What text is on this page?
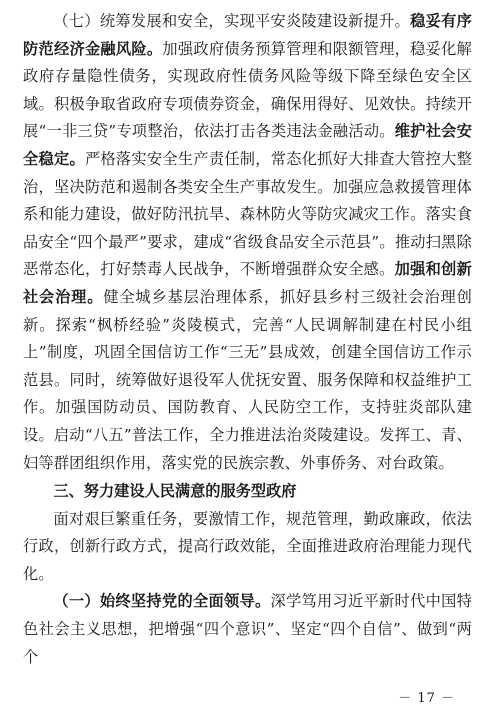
（七）统筹发展和安全，实现平安炎陵建设新提升。稳妥有序防范经济金融风险。加强政府债务预算管理和限额管理，稳妥化解政府存量隐性债务，实现政府性债务风险等级下降至绿色安全区域。积极争取省政府专项债券资金，确保用得好、见效快。持续开展“一非三贷”专项整治，依法打击各类违法金融活动。维护社会安全稳定。严格落实安全生产责任制，常态化抓好大排查大管控大整治，坚决防范和遏制各类安全生产事故发生。加强应急救援管理体系和能力建设，做好防汛抗旱、森林防火等防灾减灾工作。落实食品安全“四个最严”要求，建成“省级食品安全示范县”。推动扫黑除恶常态化，打好禁毒人民战争，不断增强群众安全感。加强和创新社会治理。健全城乡基层治理体系，抓好县乡村三级社会治理创新。探索“枫桥经验”炎陵模式，完善“人民调解制建在村民小组上”制度，巩固全国信访工作“三无”县成效，创建全国信访工作示范县。同时，统筹做好退役军人优抚安置、服务保障和权益维护工作。加强国防动员、国防教育、人民防空工作，支持驻炎部队建设。启动“八五”普法工作，全力推进法治炎陵建设。发挥工、青、妇等群团组织作用，落实党的民族宗教、外事侨务、对台政策。

三、努力建设人民满意的服务型政府

面对艰巨繁重任务，要激情工作，规范管理，勤政廉政，依法行政，创新行政方式，提高行政效能，全面推进政府治理能力现代化。

（一）始终坚持党的全面领导。深学笃用习近平新时代中国特色社会主义思想，把增强“四个意识”、坚定“四个自信”、做到“两个

－ 17 －
